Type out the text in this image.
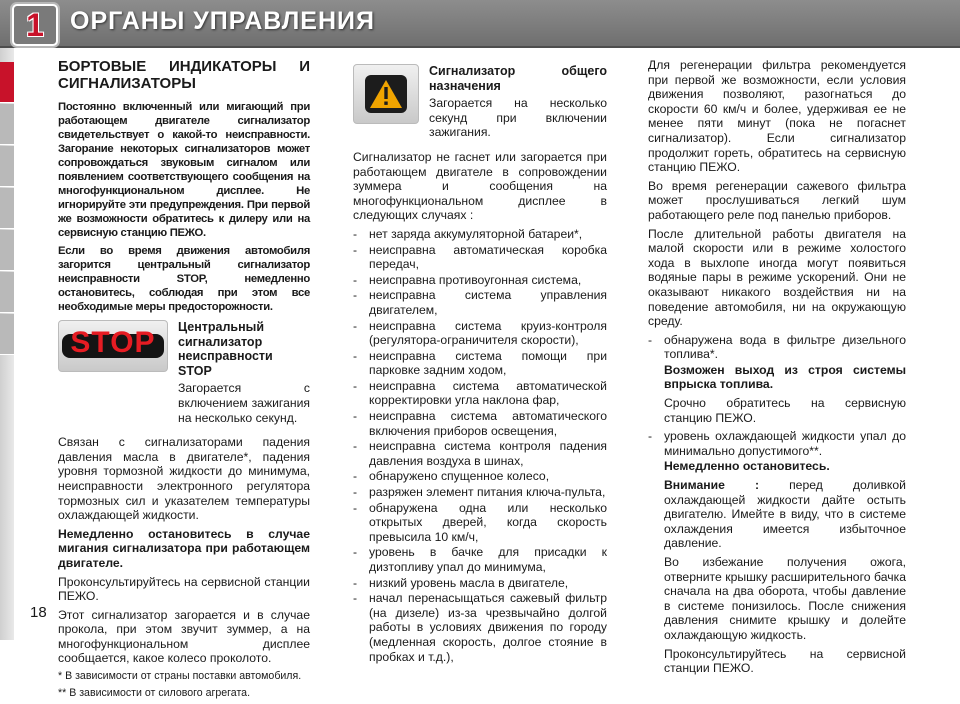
1	ОРГАНЫ УПРАВЛЕНИЯ
БОРТОВЫЕ ИНДИКАТОРЫ И СИГНАЛИЗАТОРЫ

Постоянно включенный или мигающий при работающем двигателе сигнализатор свидетельствует о какой-то неисправности. Загорание некоторых сигнализаторов может сопровождаться звуковым сигналом или появлением соответствующего сообщения на многофункциональном дисплее. Не игнорируйте эти предупреждения. При первой же возможности обратитесь к дилеру или на сервисную станцию ПЕЖО.

Если во время движения автомобиля загорится центральный сигнализатор неисправности STOP, немедленно остановитесь, соблюдая при этом все необходимые меры предосторожности.

STOP	Центральный сигнализатор неисправности STOP

Загорается с включением зажигания на несколько секунд.

Связан с сигнализаторами падения давления масла в двигателе*, падения уровня тормозной жидкости до минимума, неисправности электронного регулятора тормозных сил и указателем температуры охлаждающей жидкости.

Немедленно остановитесь в случае мигания сигнализатора при работающем двигателе.

Проконсультируйтесь на сервисной станции ПЕЖО.

Этот сигнализатор загорается и в случае прокола, при этом звучит зуммер, а на многофункциональном дисплее сообщается, какое колесо проколото.

* В зависимости от страны поставки автомобиля.

** В зависимости от силового агрегата.

Сигнализатор общего назначения

Загорается на несколько секунд при включении зажигания.

Сигнализатор не гаснет или загорается при работающем двигателе в сопровождении зуммера и сообщения на многофункциональном дисплее в следующих случаях :

- нет заряда аккумуляторной батареи*,
- неисправна автоматическая коробка передач,
- неисправна противоугонная система,
- неисправна система управления двигателем,
- неисправна система круиз-контроля (регулятора-ограничителя скорости),
- неисправна система помощи при парковке задним ходом,
- неисправна система автоматической корректировки угла наклона фар,
- неисправна система автоматического включения приборов освещения,
- неисправна система контроля падения давления воздуха в шинах,
- обнаружено спущенное колесо,
- разряжен элемент питания ключа-пульта,
- обнаружена одна или несколько открытых дверей, когда скорость превысила 10 км/ч,
- уровень в бачке для присадки к дизтопливу упал до минимума,
- низкий уровень масла в двигателе,
- начал перенасыщаться сажевый фильтр (на дизеле) из-за чрезвычайно долгой работы в условиях движения по городу (медленная скорость, долгое стояние в пробках и т.д.),

Для регенерации фильтра рекомендуется при первой же возможности, если условия движения позволяют, разогнаться до скорости 60 км/ч и более, удерживая ее не менее пяти минут (пока не погаснет сигнализатор). Если сигнализатор продолжит гореть, обратитесь на сервисную станцию ПЕЖО.

Во время регенерации сажевого фильтра может прослушиваться легкий шум работающего реле под панелью приборов.

После длительной работы двигателя на малой скорости или в режиме холостого хода в выхлопе иногда могут появиться водяные пары в режиме ускорений. Они не оказывают никакого воздействия ни на поведение автомобиля, ни на окружающую среду.

- обнаружена вода в фильтре дизельного топлива*.

Возможен выход из строя системы впрыска топлива.

Срочно обратитесь на сервисную станцию ПЕЖО.

- уровень охлаждающей жидкости упал до минимально допустимого**.

Немедленно остановитесь.

Внимание : перед доливкой охлаждающей жидкости дайте остыть двигателю. Имейте в виду, что в системе охлаждения имеется избыточное давление.

Во избежание получения ожога, отверните крышку расширительного бачка сначала на два оборота, чтобы давление в системе понизилось. После снижения давления снимите крышку и долейте охлаждающую жидкость.

Проконсультируйтесь на сервисной станции ПЕЖО.

18
